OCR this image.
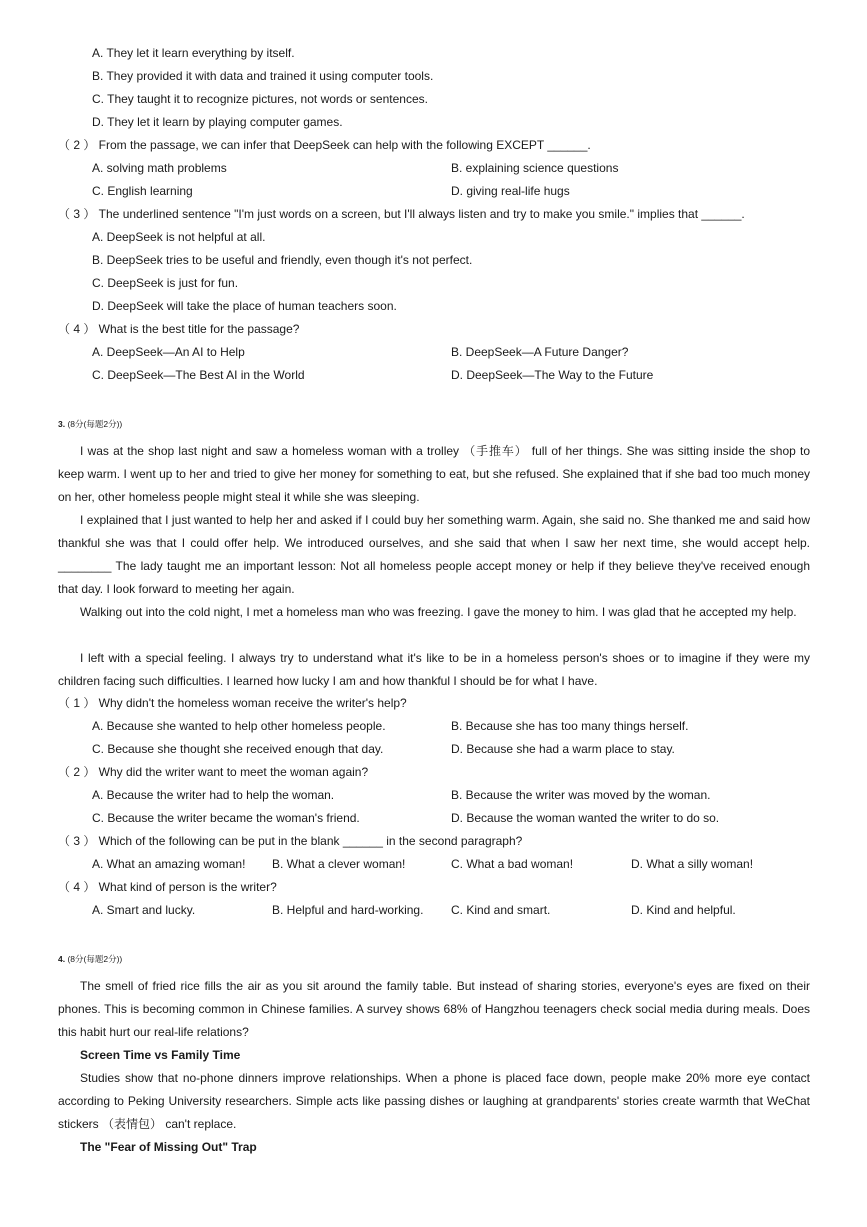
A. They let it learn everything by itself.
B. They provided it with data and trained it using computer tools.
C. They taught it to recognize pictures, not words or sentences.
D. They let it learn by playing computer games.
（ 2 ） From the passage, we can infer that DeepSeek can help with the following EXCEPT ______.
A. solving math problems	B. explaining science questions
C. English learning	D. giving real-life hugs
（ 3 ） The underlined sentence "I'm just words on a screen, but I'll always listen and try to make you smile." implies that ______.
A. DeepSeek is not helpful at all.
B. DeepSeek tries to be useful and friendly, even though it's not perfect.
C. DeepSeek is just for fun.
D. DeepSeek will take the place of human teachers soon.
（ 4 ） What is the best title for the passage?
A. DeepSeek—An AI to Help	B. DeepSeek—A Future Danger?
C. DeepSeek—The Best AI in the World	D. DeepSeek—The Way to the Future
3. (8分(每题2分))
I was at the shop last night and saw a homeless woman with a trolley （手推车） full of her things. She was sitting inside the shop to keep warm. I went up to her and tried to give her money for something to eat, but she refused. She explained that if she bad too much money on her, other homeless people might steal it while she was sleeping.
I explained that I just wanted to help her and asked if I could buy her something warm. Again, she said no. She thanked me and said how thankful she was that I could offer help. We introduced ourselves, and she said that when I saw her next time, she would accept help. ________ The lady taught me an important lesson: Not all homeless people accept money or help if they believe they've received enough that day. I look forward to meeting her again.
Walking out into the cold night, I met a homeless man who was freezing. I gave the money to him. I was glad that he accepted my help.
I left with a special feeling. I always try to understand what it's like to be in a homeless person's shoes or to imagine if they were my children facing such difficulties. I learned how lucky I am and how thankful I should be for what I have.
（ 1 ） Why didn't the homeless woman receive the writer's help?
A. Because she wanted to help other homeless people.	B. Because she has too many things herself.
C. Because she thought she received enough that day.	D. Because she had a warm place to stay.
（ 2 ） Why did the writer want to meet the woman again?
A. Because the writer had to help the woman.	B. Because the writer was moved by the woman.
C. Because the writer became the woman's friend.	D. Because the woman wanted the writer to do so.
（ 3 ） Which of the following can be put in the blank ______ in the second paragraph?
A. What an amazing woman! B. What a clever woman!	C. What a bad woman!	D. What a silly woman!
（ 4 ） What kind of person is the writer?
A. Smart and lucky.	B. Helpful and hard-working. C. Kind and smart.	D. Kind and helpful.
4. (8分(每题2分))
The smell of fried rice fills the air as you sit around the family table. But instead of sharing stories, everyone's eyes are fixed on their phones. This is becoming common in Chinese families. A survey shows 68% of Hangzhou teenagers check social media during meals. Does this habit hurt our real-life relations?
Screen Time vs Family Time
Studies show that no-phone dinners improve relationships. When a phone is placed face down, people make 20% more eye contact according to Peking University researchers. Simple acts like passing dishes or laughing at grandparents' stories create warmth that WeChat stickers （表情包） can't replace.
The "Fear of Missing Out" Trap
